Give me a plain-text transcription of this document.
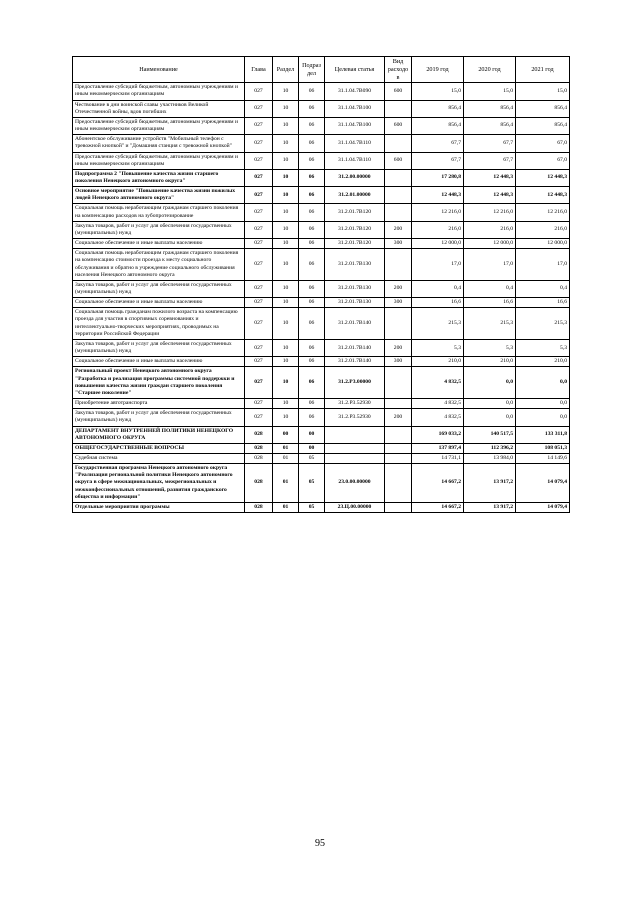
Наименование	Глава	Раздел	Подраздел	Целевая статья	Вид расходов	2019 год	2020 год	2021 год
Предоставление субсидий бюджетным, автономным учреждениям и иным некоммерческим организациям	027	10	06	31.1.04.7B090	600	15,0	15,0	15,0
Чествование в дни воинской славы участников Великой Отечественной войны, вдов погибших	027	10	06	31.1.04.7B100		856,4	856,4	856,4
Предоставление субсидий бюджетным, автономным учреждениям и иным некоммерческим организациям	027	10	06	31.1.04.7B100	600	856,4	856,4	856,4
Абонентское обслуживание устройств "Мобильный телефон с тревожной кнопкой" и "Домашняя станция с тревожной кнопкой"	027	10	06	31.1.04.7B110		67,7	67,7	67,0
Предоставление субсидий бюджетным, автономным учреждениям и иным некоммерческим организациям	027	10	06	31.1.04.7B110	600	67,7	67,7	67,0
Подпрограмма 2 "Повышение качества жизни старшего поколения Ненецкого автономного округа"	027	10	06	31.2.00.00000		17 280,8	12 448,3	12 448,3
Основное мероприятие "Повышение качества жизни пожилых людей Ненецкого автономного округа"	027	10	06	31.2.01.00000		12 448,3	12 448,3	12 448,3
Социальная помощь неработающим гражданам старшего поколения на компенсацию расходов на зубопротезирование	027	10	06	31.2.01.7B120		12 216,0	12 216,0	12 216,0
Закупка товаров, работ и услуг для обеспечения государственных (муниципальных) нужд	027	10	06	31.2.01.7B120	200	216,0	216,0	216,0
Социальное обеспечение и иные выплаты населению	027	10	06	31.2.01.7B120	300	12 000,0	12 000,0	12 000,0
Социальная помощь неработающим гражданам старшего поколения на компенсацию стоимости проезда к месту социального обслуживания и обратно в учреждение социального обслуживания населения Ненецкого автономного округа	027	10	06	31.2.01.7B130		17,0	17,0	17,0
Закупка товаров, работ и услуг для обеспечения государственных (муниципальных) нужд	027	10	06	31.2.01.7B130	200	0,4	0,4	0,4
Социальное обеспечение и иные выплаты населению	027	10	06	31.2.01.7B130	300	16,6	16,6	16,6
Социальная помощь гражданам пожилого возраста на компенсацию проезда для участия в спортивных соревнованиях и интеллектуально-творческих мероприятиях, проводимых на территории Российской Федерации	027	10	06	31.2.01.7B140		215,3	215,3	215,3
Закупка товаров, работ и услуг для обеспечения государственных (муниципальных) нужд	027	10	06	31.2.01.7B140	200	5,3	5,3	5,3
Социальное обеспечение и иные выплаты населению	027	10	06	31.2.01.7B140	300	210,0	210,0	210,0
Региональный проект Ненецкого автономного округа "Разработка и реализация программы системной поддержки и повышения качества жизни граждан старшего поколения "Старшее поколение"	027	10	06	31.2.P3.00000		4 832,5	0,0	0,0
Приобретение автотранспорта	027	10	06	31.2.P3.52930		4 832,5	0,0	0,0
Закупка товаров, работ и услуг для обеспечения государственных (муниципальных) нужд	027	10	06	31.2.P3.52930	200	4 832,5	0,0	0,0
ДЕПАРТАМЕНТ ВНУТРЕННЕЙ ПОЛИТИКИ НЕНЕЦКОГО АВТОНОМНОГО ОКРУГА	028	00	00			169 033,2	140 517,5	133 311,8
ОБЩЕГОСУДАРСТВЕННЫЕ ВОПРОСЫ	028	01	00			137 897,4	112 396,2	108 051,3
Судебная система	028	01	05			14 731,1	13 984,0	14 149,6
Государственная программа Ненецкого автономного округа "Реализация региональной политики Ненецкого автономного округа в сфере межнациональных, межрегиональных и межконфессиональных отношений, развития гражданского общества и информации"	028	01	05	23.0.00.00000		14 667,2	13 917,2	14 079,4
Отдельные мероприятия программы	028	01	05	23.Ц.00.00000		14 667,2	13 917,2	14 079,4
95
